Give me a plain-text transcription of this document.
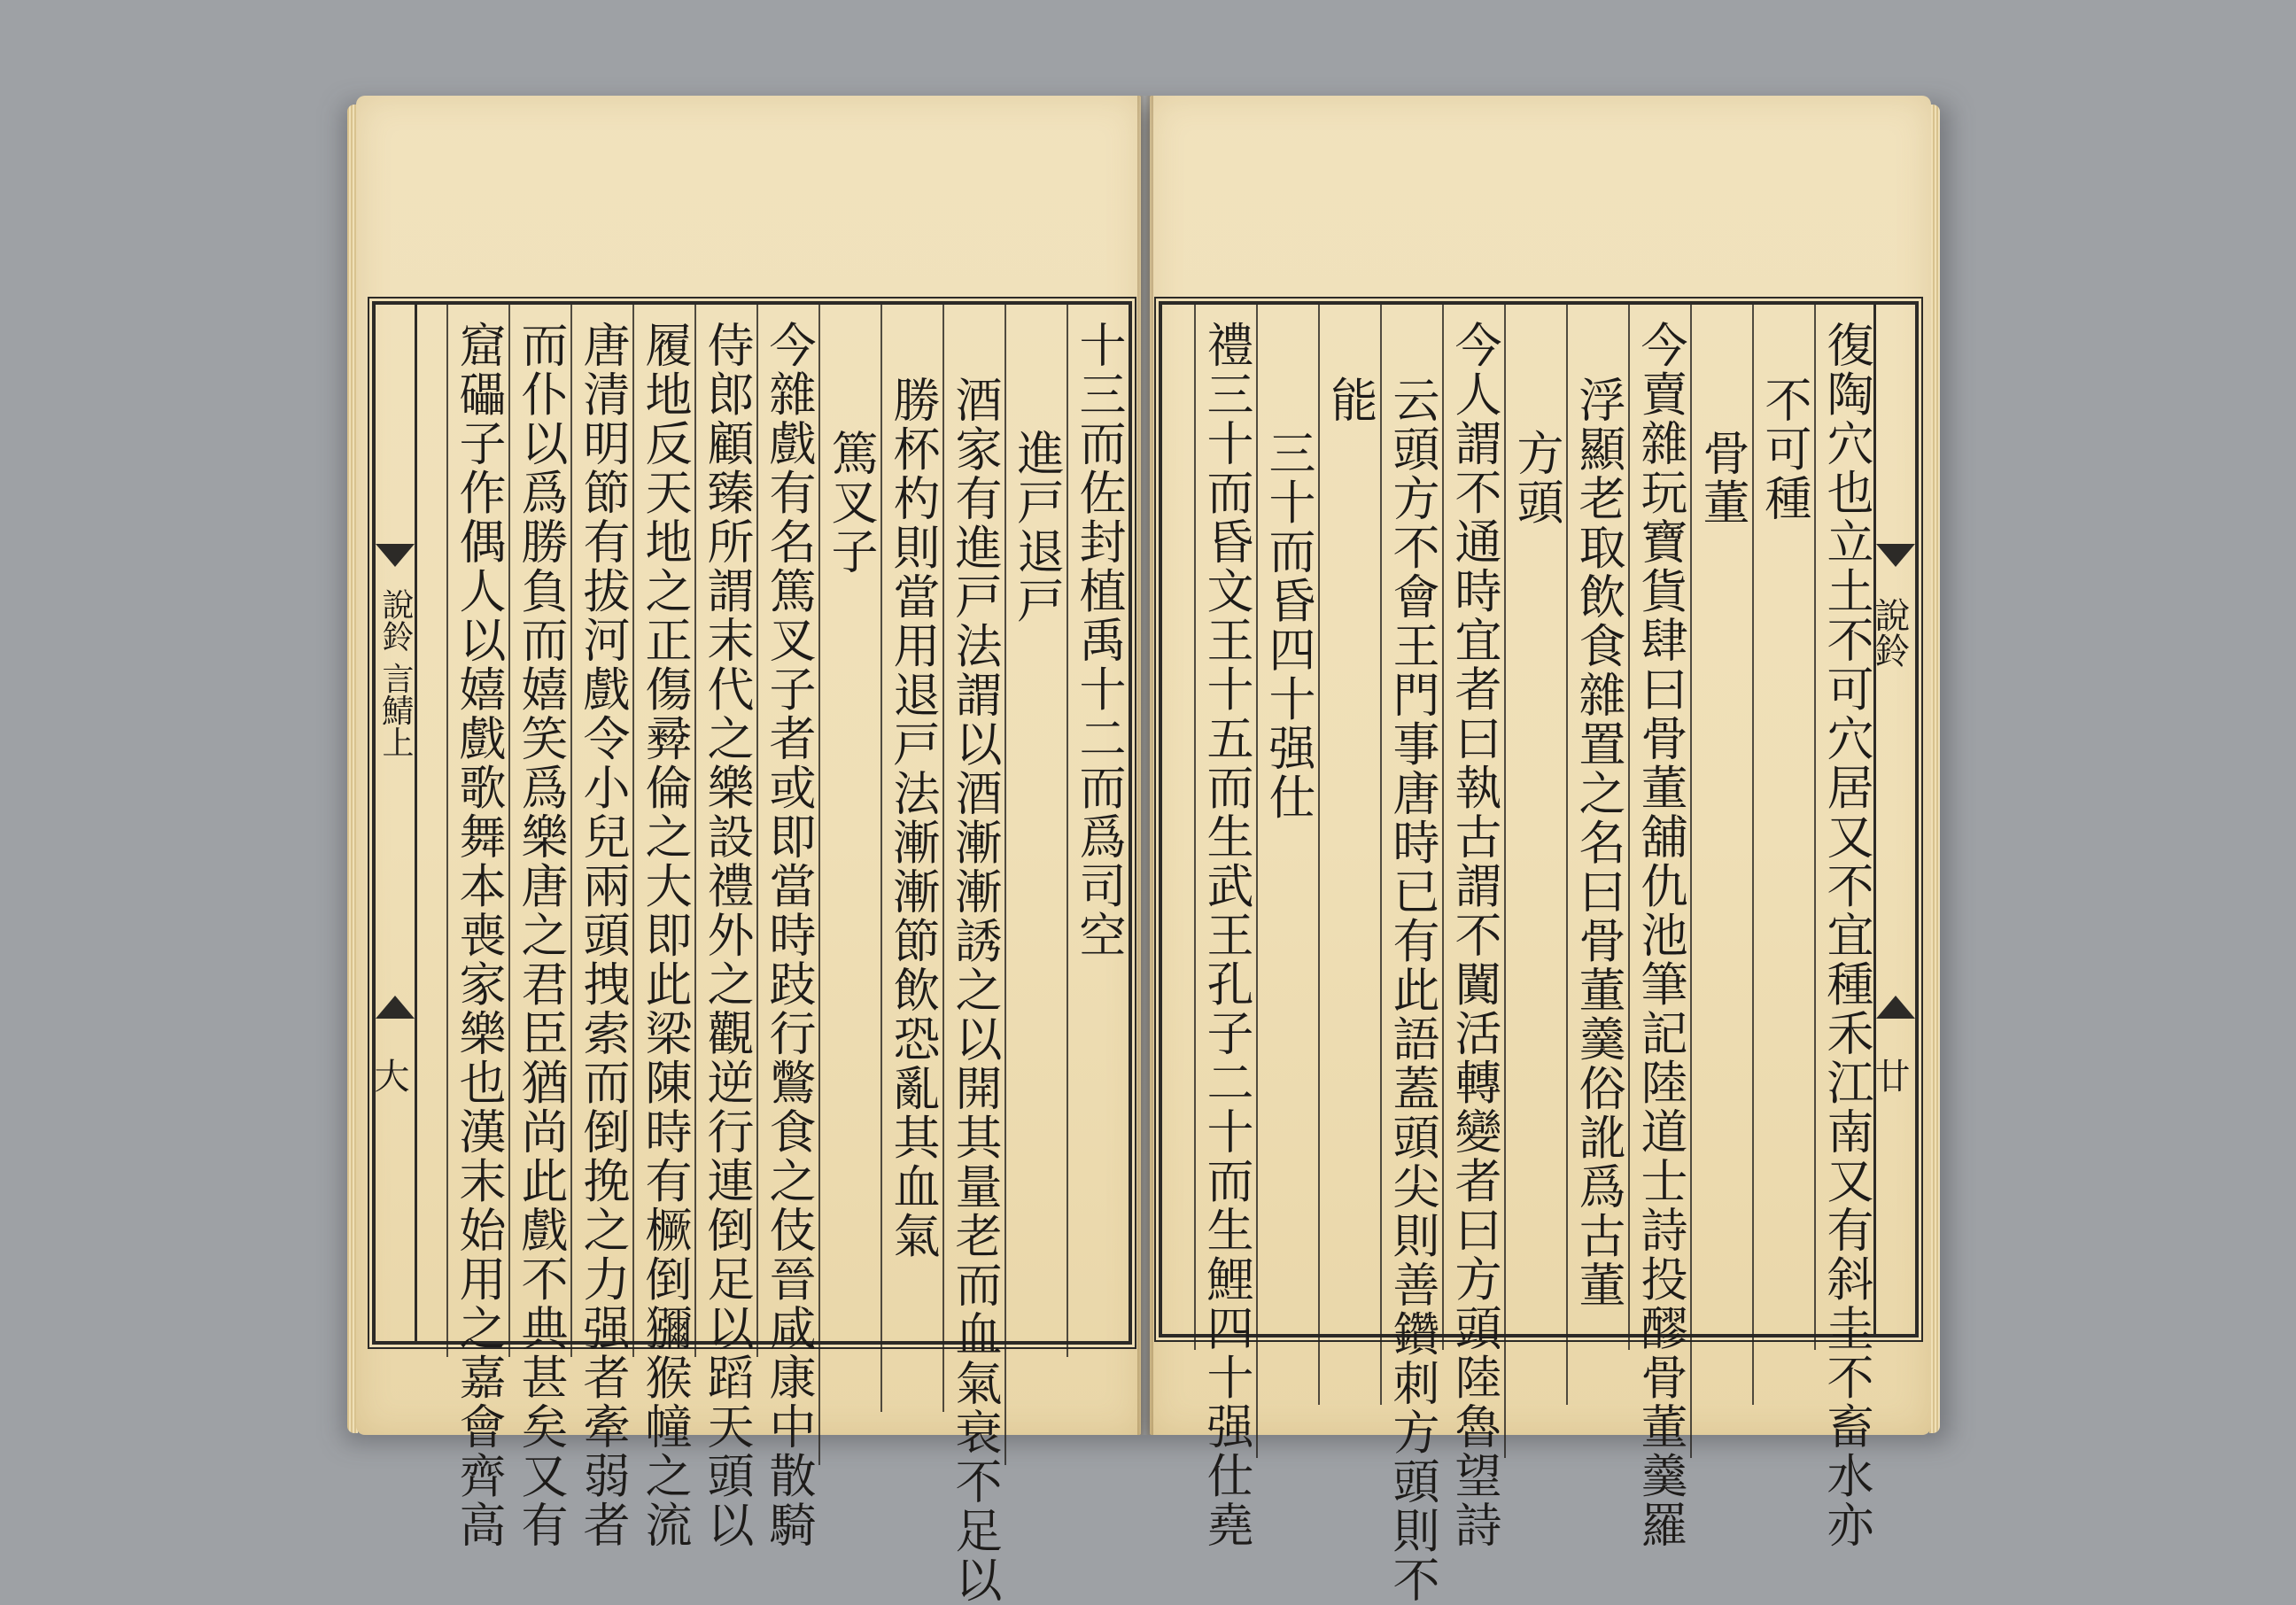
說鈴 言鯖上
大
十三而佐封植禹十二而爲司空
進戸退戸
酒家有進戸法謂以酒漸漸誘之以開其量老而血氣衰不足以
勝杯杓則當用退戸法漸漸節飲恐亂其血氣
篤叉子
今雜戲有名篤叉子者或即當時跂行鷩食之伎晉咸康中散騎
侍郎顧臻所謂末代之樂設禮外之觀逆行連倒足以蹈天頭以
履地反天地之正傷彛倫之大即此梁陳時有橛倒獼猴幢之流
唐清明節有拔河戲令小兒兩頭拽索而倒挽之力强者牽弱者
而仆以爲勝負而嬉笑爲樂唐之君臣猶尚此戲不典甚矣又有
窟礧子作偶人以嬉戲歌舞本喪家樂也漢末始用之嘉會齊高	說鈴
廿
復陶穴也立土不可穴居又不宜種禾江南又有斜圭不畜水亦
不可種
骨董
今賣雜玩寶貨肆曰骨董舖仇池筆記陸道士詩投醪骨董羹羅
浮顯老取飲食雜置之名曰骨董羹俗訛爲古董
方頭
今人謂不通時宜者曰執古謂不闐活轉變者曰方頭陸魯望詩
云頭方不會王門事唐時已有此語蓋頭尖則善鑽刺方頭則不
能
三十而昏四十强仕
禮三十而昏文王十五而生武王孔子二十而生鯉四十强仕堯
